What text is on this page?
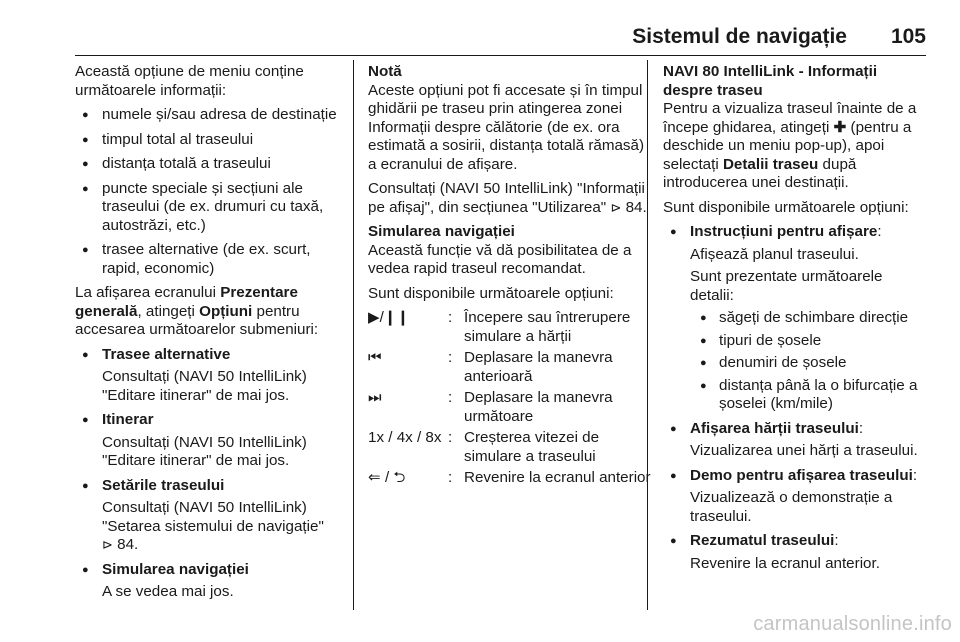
Sistemul de navigație 105

Această opțiune de meniu conține următoarele informații:

● numele și/sau adresa de destinație
● timpul total al traseului
● distanța totală a traseului
● puncte speciale și secțiuni ale traseului (de ex. drumuri cu taxă, autostrăzi, etc.)
● trasee alternative (de ex. scurt, rapid, economic)

La afișarea ecranului Prezentare generală, atingeți Opțiuni pentru accesarea următoarelor submeniuri:

● Trasee alternative
Consultați (NAVI 50 IntelliLink) "Editare itinerar" de mai jos.
● Itinerar
Consultați (NAVI 50 IntelliLink) "Editare itinerar" de mai jos.
● Setările traseului
Consultați (NAVI 50 IntelliLink) "Setarea sistemului de navigație"
⊳ 84.
● Simularea navigației
A se vedea mai jos.
Notă

Aceste opțiuni pot fi accesate și în timpul ghidării pe traseu prin atingerea zonei Informații despre călătorie (de ex. ora estimată a sosirii, distanța totală rămasă) a ecranului de afișare.

Consultați (NAVI 50 IntelliLink) "Informații pe afișaj", din secțiunea "Utilizarea" ⊳ 84.

Simularea navigației

Această funcție vă dă posibilitatea de a vedea rapid traseul recomandat.

Sunt disponibile următoarele opțiuni:

▶/❙❙	:	Începere sau întrerupere simulare a hărții
⏮	:	Deplasare la manevra anterioară
⏭	:	Deplasare la manevra următoare
1x / 4x / 8x	:	Creșterea vitezei de simulare a traseului
⇐ / ⮌	:	Revenire la ecranul anterior
NAVI 80 IntelliLink - Informații despre traseu

Pentru a vizualiza traseul înainte de a începe ghidarea, atingeți ✚ (pentru a deschide un meniu pop-up), apoi selectați Detalii traseu după introducerea unei destinații.

Sunt disponibile următoarele opțiuni:

● Instrucțiuni pentru afișare:
Afișează planul traseului.
Sunt prezentate următoarele detalii:
● săgeți de schimbare direcție
● tipuri de șosele
● denumiri de șosele
● distanța până la o bifurcație a șoselei (km/mile)
● Afișarea hărții traseului:
Vizualizarea unei hărți a traseului.
● Demo pentru afișarea traseului:
Vizualizează o demonstrație a traseului.
● Rezumatul traseului:
Revenire la ecranul anterior.
carmanualsonline.info
